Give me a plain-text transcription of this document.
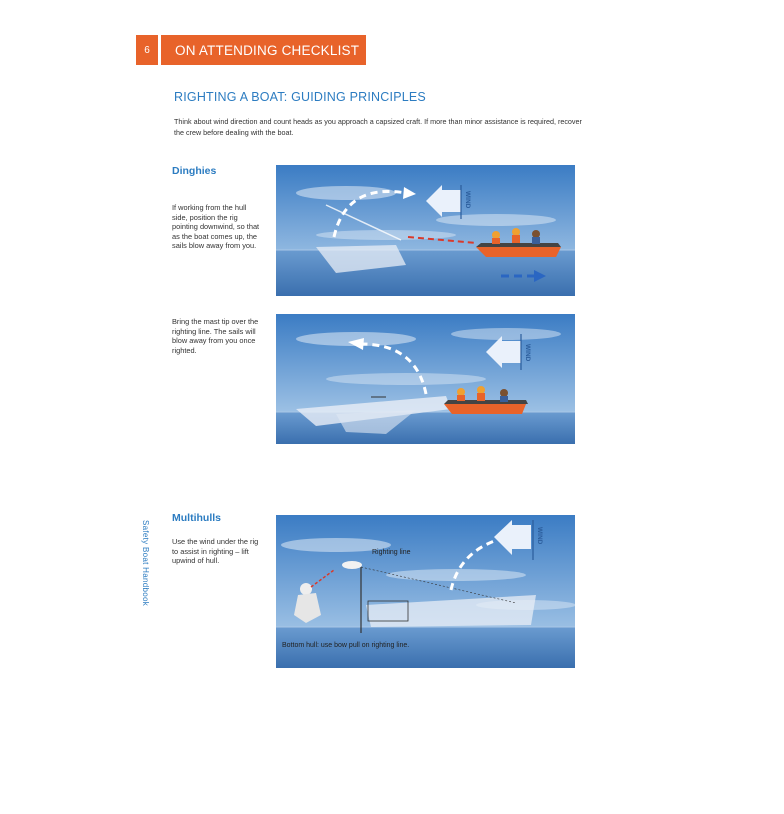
6	ON ATTENDING CHECKLIST
RIGHTING A BOAT: GUIDING PRINCIPLES
Think about wind direction and count heads as you approach a capsized craft. If more than minor assistance is required, recover the crew before dealing with the boat.
Dinghies
If working from the hull side, position the rig pointing downwind, so that as the boat comes up, the sails blow away from you.
Bring the mast tip over the righting line. The sails will blow away from you once righted.
Multihulls
Use the wind under the rig to assist in righting – lift upwind of hull.
Safety Boat Handbook
WIND
WIND
WIND
Righting line
Bottom hull: use bow pull on righting line.
